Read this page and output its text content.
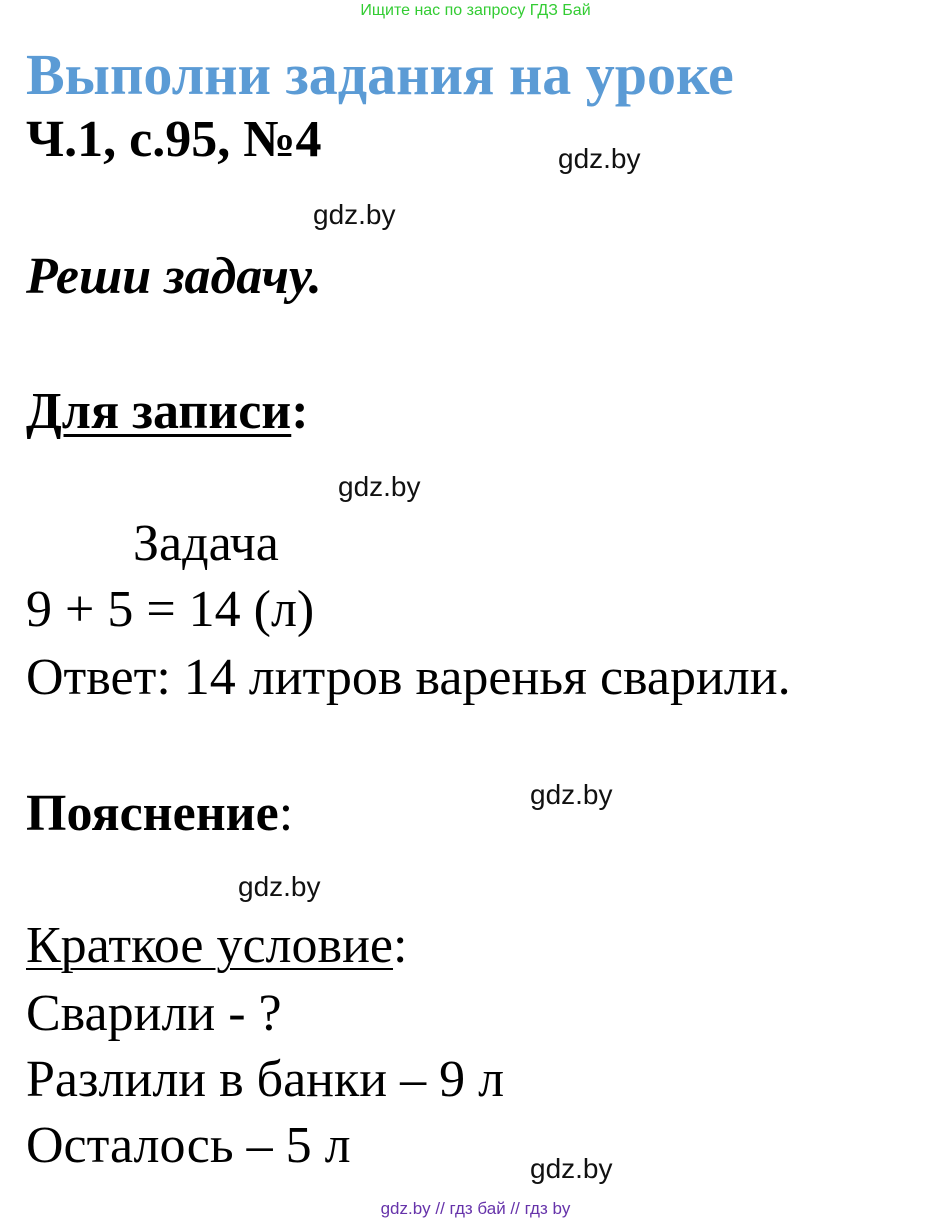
Ищите нас по запросу ГДЗ Бай
Выполни задания на уроке
Ч.1, с.95, №4	gdz.by
gdz.by
Реши задачу.
Для записи:
gdz.by
Задача
9 + 5 = 14 (л)
Ответ: 14 литров варенья сварили.
Пояснение:	gdz.by
gdz.by
Краткое условие:
Сварили - ?
Разлили в банки – 9 л
Осталось – 5 л	gdz.by
gdz.by // гдз бай // гдз by
